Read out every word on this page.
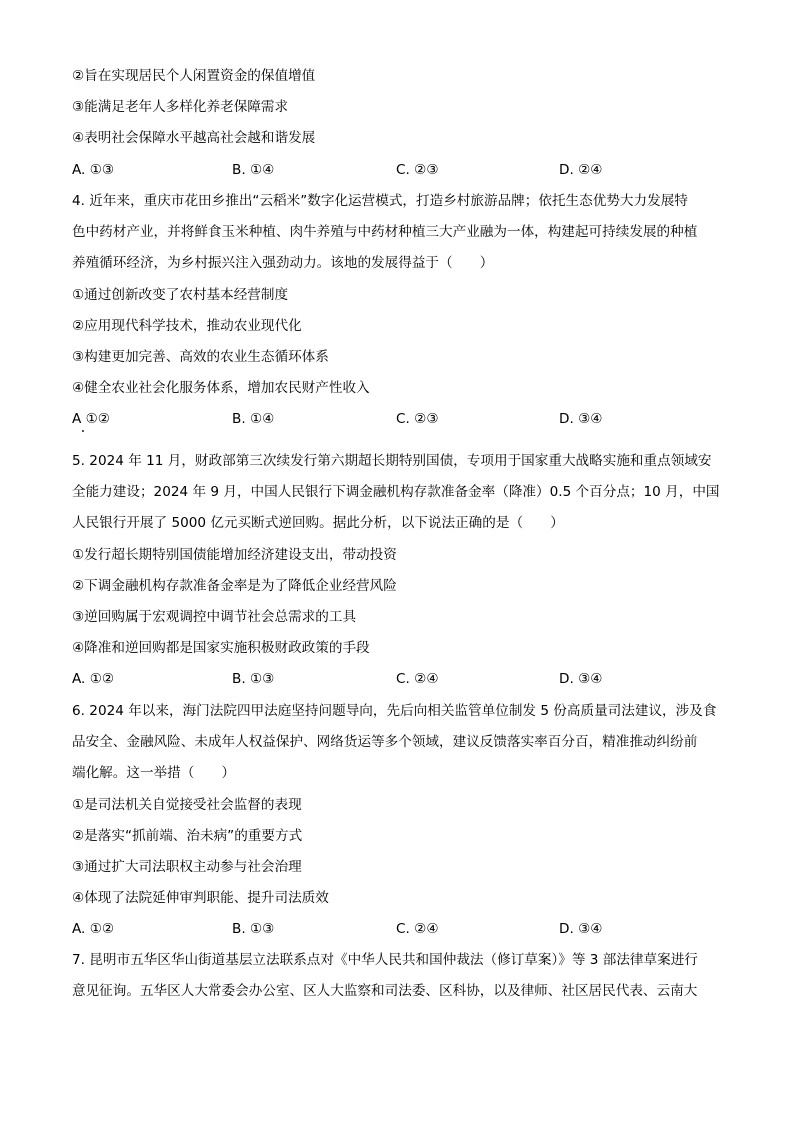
②旨在实现居民个人闲置资金的保值增值
③能满足老年人多样化养老保障需求
④表明社会保障水平越高社会越和谐发展
A. ①③	B. ①④	C. ②③	D. ②④
4. 近年来，重庆市花田乡推出“云稻米”数字化运营模式，打造乡村旅游品牌；依托生态优势大力发展特
色中药材产业，并将鲜食玉米种植、肉牛养殖与中药材种植三大产业融为一体，构建起可持续发展的种植
养殖循环经济，为乡村振兴注入强劲动力。该地的发展得益于（　　）
①通过创新改变了农村基本经营制度
②应用现代科学技术，推动农业现代化
③构建更加完善、高效的农业生态循环体系
④健全农业社会化服务体系，增加农民财产性收入
A ①②	B. ①④	C. ②③	D. ③④
5. 2024 年 11 月，财政部第三次续发行第六期超长期特别国债，专项用于国家重大战略实施和重点领域安
全能力建设；2024 年 9 月，中国人民银行下调金融机构存款准备金率（降准）0.5 个百分点；10 月，中国
人民银行开展了 5000 亿元买断式逆回购。据此分析，以下说法正确的是（　　）
①发行超长期特别国债能增加经济建设支出，带动投资
②下调金融机构存款准备金率是为了降低企业经营风险
③逆回购属于宏观调控中调节社会总需求的工具
④降准和逆回购都是国家实施积极财政政策的手段
A. ①②	B. ①③	C. ②④	D. ③④
6. 2024 年以来，海门法院四甲法庭坚持问题导向，先后向相关监管单位制发 5 份高质量司法建议，涉及食
品安全、金融风险、未成年人权益保护、网络货运等多个领域，建议反馈落实率百分百，精准推动纠纷前
端化解。这一举措（　　）
①是司法机关自觉接受社会监督的表现
②是落实“抓前端、治未病”的重要方式
③通过扩大司法职权主动参与社会治理
④体现了法院延伸审判职能、提升司法质效
A. ①②	B. ①③	C. ②④	D. ③④
7. 昆明市五华区华山街道基层立法联系点对《中华人民共和国仲裁法（修订草案）》等 3 部法律草案进行
意见征询。五华区人大常委会办公室、区人大监察和司法委、区科协，以及律师、社区居民代表、云南大
